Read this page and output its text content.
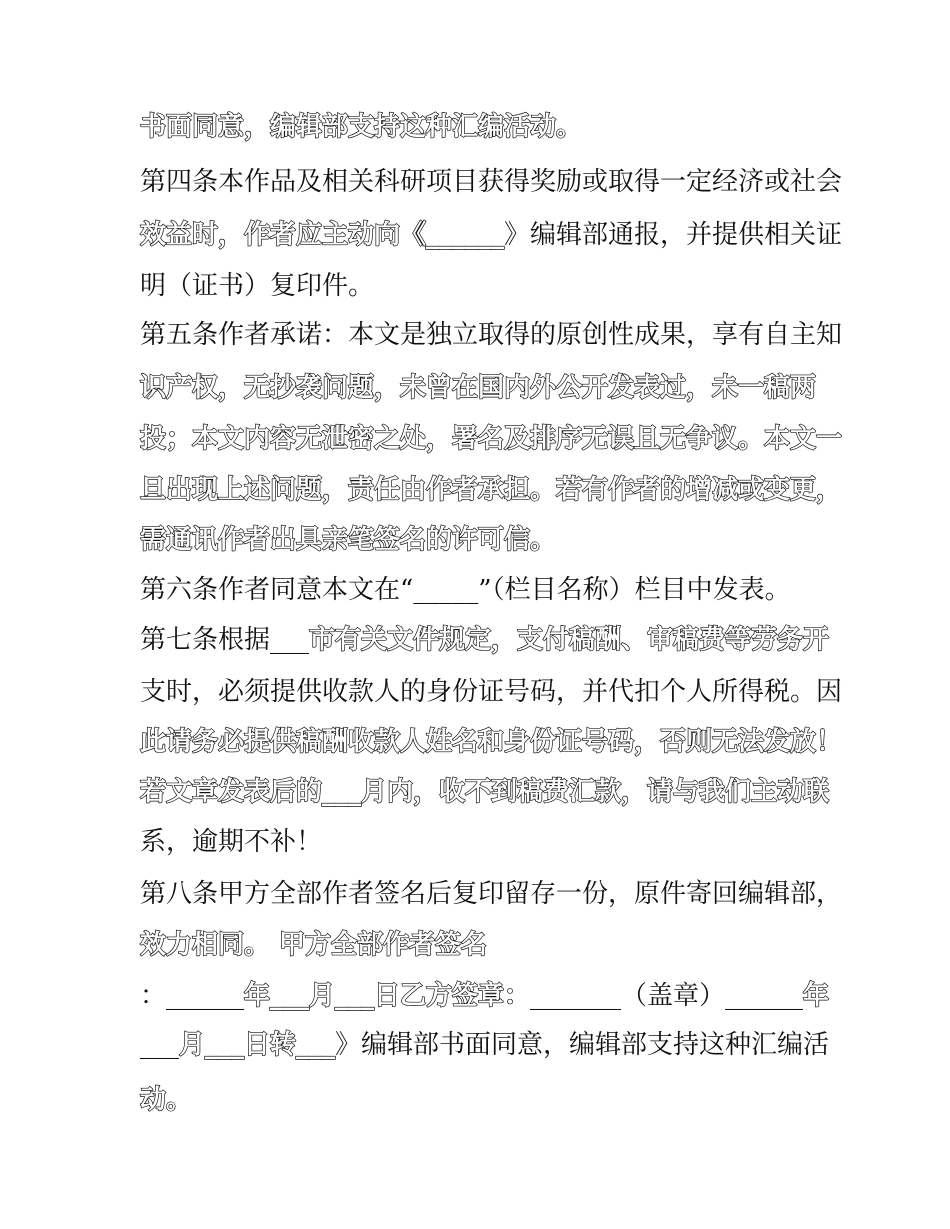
书面同意，编辑部支持这种汇编活动。
第四条本作品及相关科研项目获得奖励或取得一定经济或社会
效益时，作者应主动向《______》编辑部通报，并提供相关证
明（证书）复印件。
第五条作者承诺：本文是独立取得的原创性成果，享有自主知
识产权，无抄袭问题，未曾在国内外公开发表过，未一稿两
投；本文内容无泄密之处，署名及排序无误且无争议。本文一
旦出现上述问题，责任由作者承担。若有作者的增减或变更，
需通讯作者出具亲笔签名的许可信。
第六条作者同意本文在“_____”（栏目名称）栏目中发表。
第七条根据___市有关文件规定，支付稿酬、审稿费等劳务开
支时，必须提供收款人的身份证号码，并代扣个人所得税。因
此请务必提供稿酬收款人姓名和身份证号码，否则无法发放！
若文章发表后的___月内，收不到稿费汇款，请与我们主动联
系，逾期不补！
第八条甲方全部作者签名后复印留存一份，原件寄回编辑部，
效力相同。 甲方全部作者签名
：______年___月___日乙方签章：_______（盖章）______年
___月___日转___》编辑部书面同意，编辑部支持这种汇编活
动。
